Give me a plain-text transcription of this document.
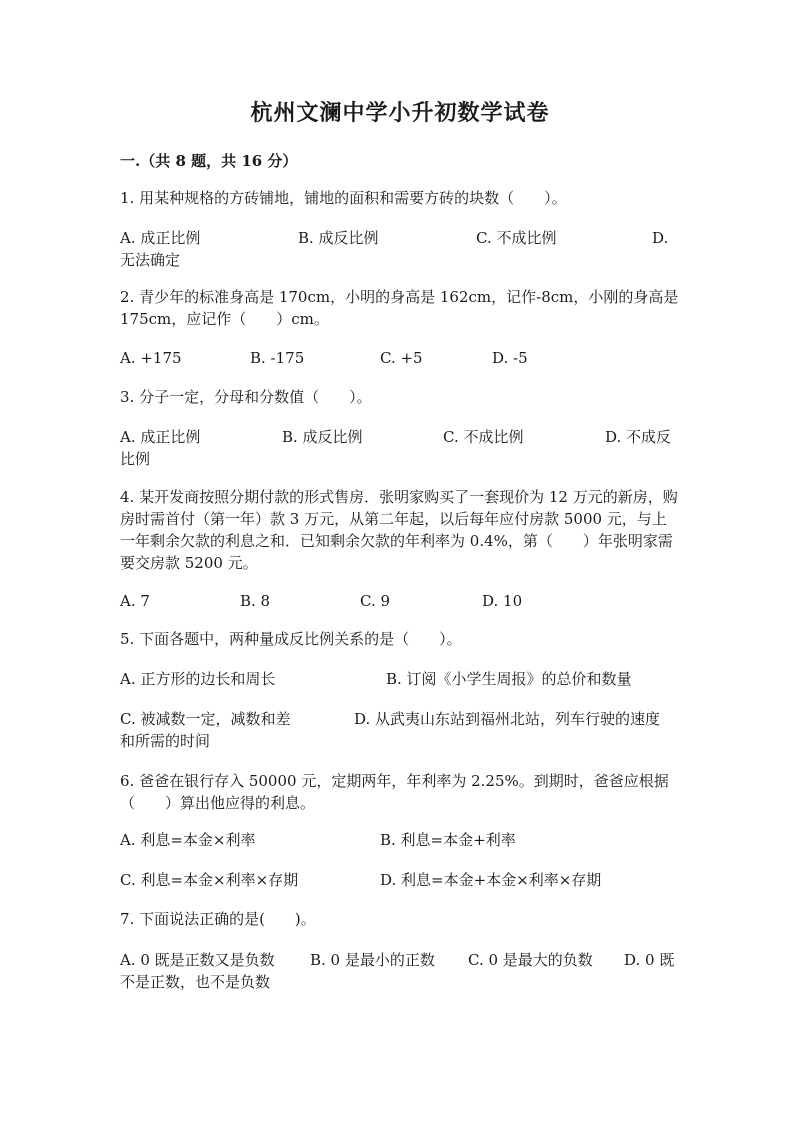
杭州文澜中学小升初数学试卷
一.（共 8 题，共 16 分）
1. 用某种规格的方砖铺地，铺地的面积和需要方砖的块数（　　）。
A. 成正比例	B. 成反比例	C. 不成比例	D.
无法确定
2. 青少年的标准身高是 170cm，小明的身高是 162cm，记作-8cm，小刚的身高是 175cm，应记作（　　）cm。
A. +175	B. -175	C. +5	D. -5
3. 分子一定，分母和分数值（　　）。
A. 成正比例	B. 成反比例	C. 不成比例	D. 不成反
比例
4. 某开发商按照分期付款的形式售房．张明家购买了一套现价为 12 万元的新房，购房时需首付（第一年）款 3 万元，从第二年起，以后每年应付房款 5000 元，与上一年剩余欠款的利息之和．已知剩余欠款的年利率为 0.4%，第（　　）年张明家需要交房款 5200 元。
A. 7	B. 8	C. 9	D. 10
5. 下面各题中，两种量成反比例关系的是（　　）。
A. 正方形的边长和周长	B. 订阅《小学生周报》的总价和数量
C. 被减数一定，减数和差	D. 从武夷山东站到福州北站，列车行驶的速度
和所需的时间
6. 爸爸在银行存入 50000 元，定期两年，年利率为 2.25%。到期时，爸爸应根据（　　）算出他应得的利息。
A. 利息=本金×利率	B. 利息=本金+利率
C. 利息=本金×利率×存期	D. 利息=本金+本金×利率×存期
7. 下面说法正确的是(　　)。
A. 0 既是正数又是负数 B. 0 是最小的正数 C. 0 是最大的负数 D. 0 既
不是正数，也不是负数
